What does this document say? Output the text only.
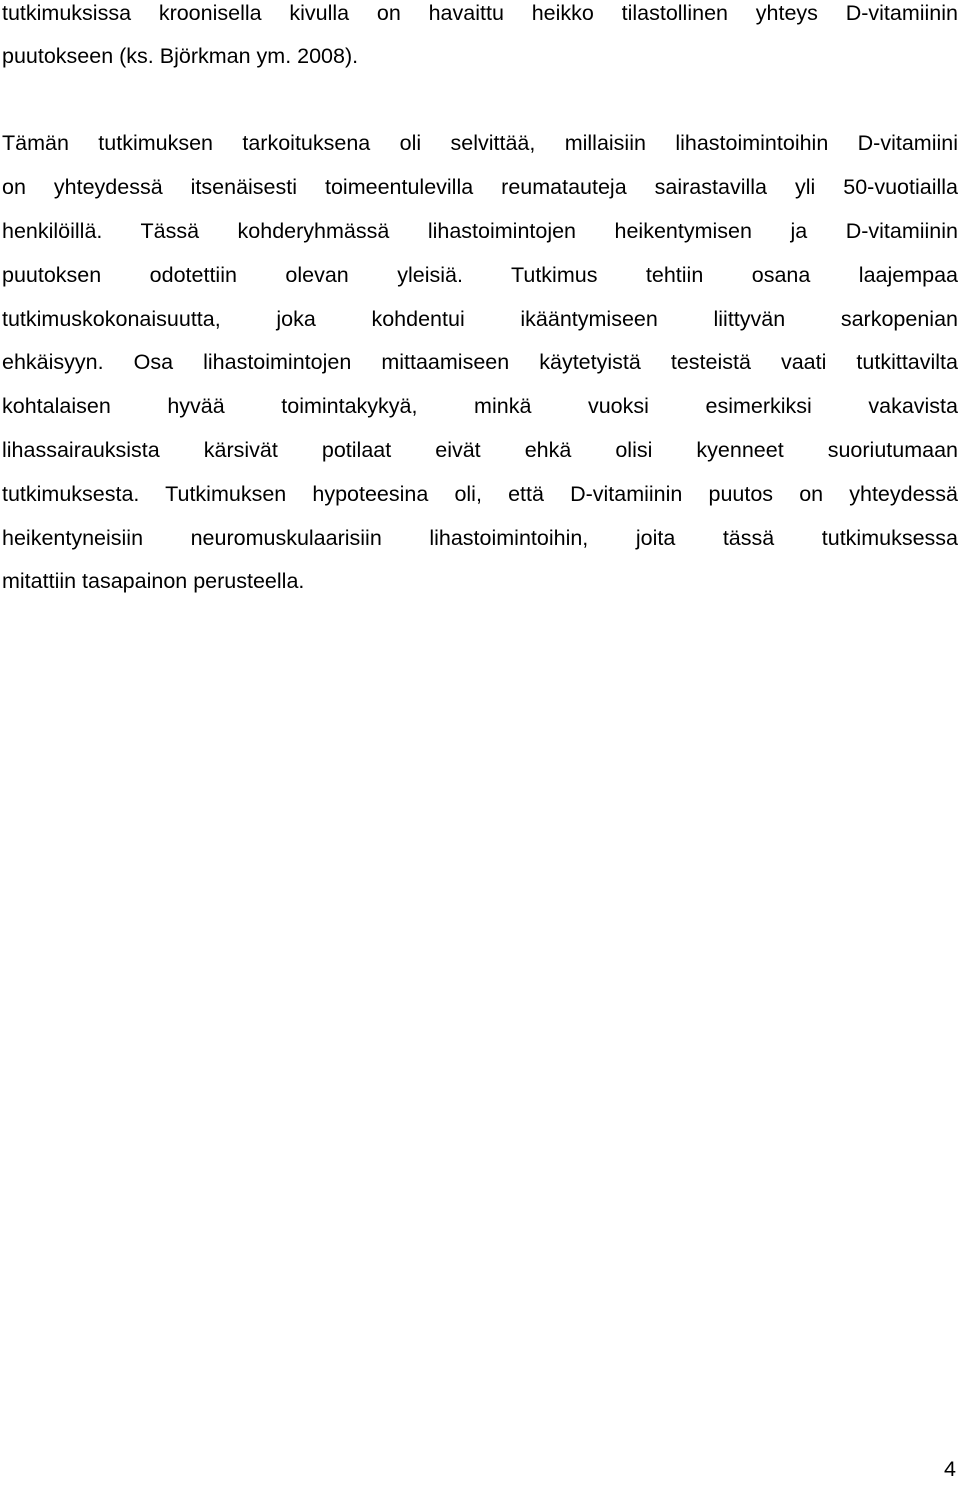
tutkimuksissa kroonisella kivulla on havaittu heikko tilastollinen yhteys D-vitamiinin
puutokseen (ks. Björkman ym. 2008).
Tämän tutkimuksen tarkoituksena oli selvittää, millaisiin lihastoimintoihin D-vitamiini
on yhteydessä itsenäisesti toimeentulevilla reumatauteja sairastavilla yli 50-vuotiailla
henkilöillä. Tässä kohderyhmässä lihastoimintojen heikentymisen ja D-vitamiinin
puutoksen odotettiin olevan yleisiä. Tutkimus tehtiin osana laajempaa
tutkimuskokonaisuutta, joka kohdentui ikääntymiseen liittyvän sarkopenian
ehkäisyyn. Osa lihastoimintojen mittaamiseen käytetyistä testeistä vaati tutkittavilta
kohtalaisen hyvää toimintakykyä, minkä vuoksi esimerkiksi vakavista
lihassairauksista kärsivät potilaat eivät ehkä olisi kyenneet suoriutumaan
tutkimuksesta. Tutkimuksen hypoteesina oli, että D-vitamiinin puutos on yhteydessä
heikentyneisiin neuromuskulaarisiin lihastoimintoihin, joita tässä tutkimuksessa
mitattiin tasapainon perusteella.
4
